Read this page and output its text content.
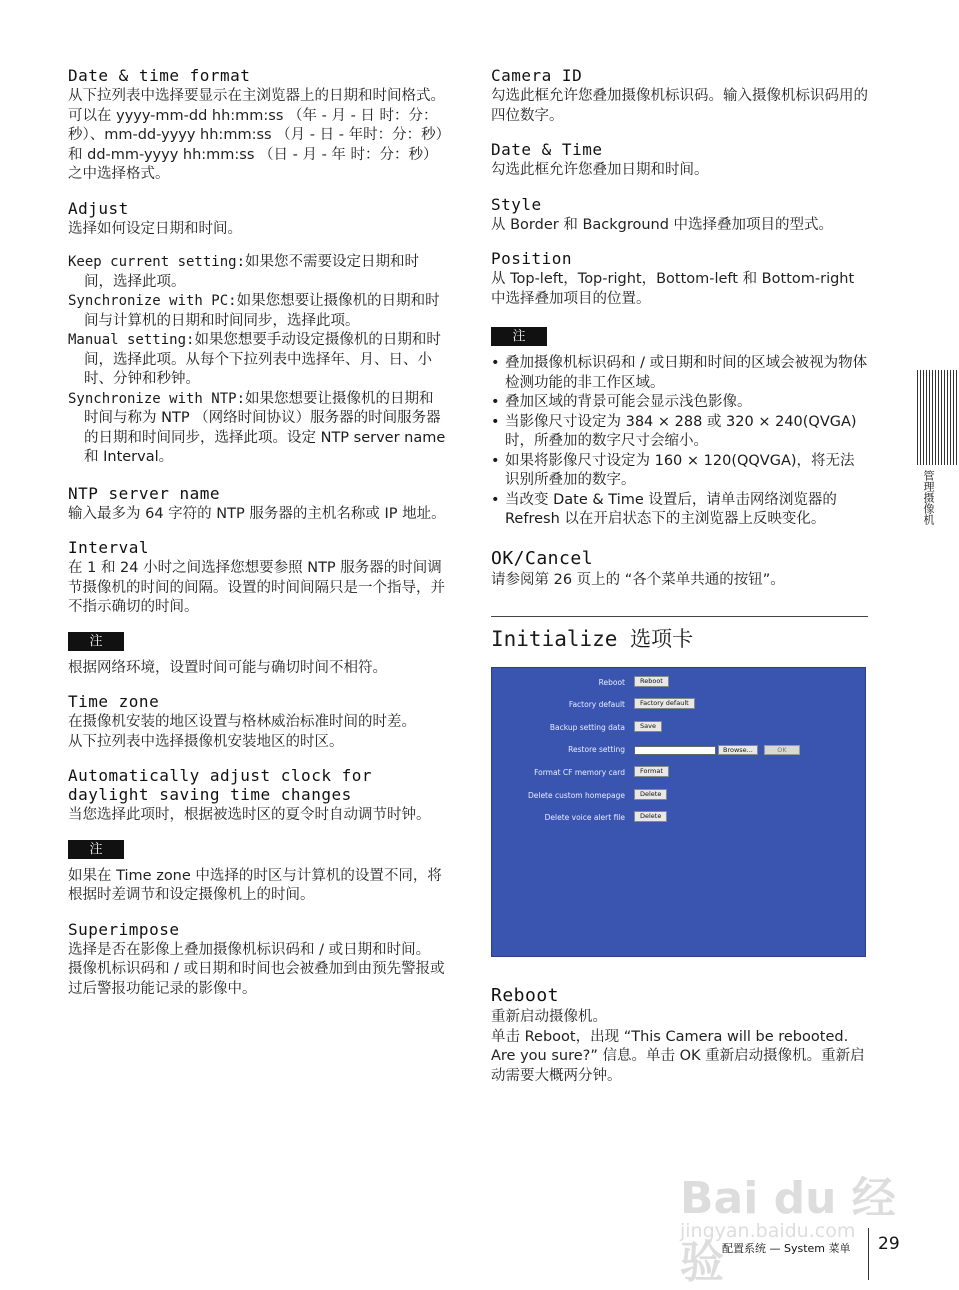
Date & time format
从下拉列表中选择要显示在主浏览器上的日期和时间格式。
可以在 yyyy-mm-dd hh:mm:ss （年 - 月 - 日 时：分：秒）、mm-dd-yyyy hh:mm:ss （月 - 日 - 年时：分：秒）和 dd-mm-yyyy hh:mm:ss （日 - 月 - 年 时：分：秒）之中选择格式。
Adjust
选择如何设定日期和时间。
Keep current setting:如果您不需要设定日期和时间，选择此项。
Synchronize with PC:如果您想要让摄像机的日期和时间与计算机的日期和时间同步，选择此项。
Manual setting:如果您想要手动设定摄像机的日期和时间，选择此项。从每个下拉列表中选择年、月、日、小时、分钟和秒钟。
Synchronize with NTP:如果您想要让摄像机的日期和时间与称为 NTP （网络时间协议）服务器的时间服务器的日期和时间同步，选择此项。设定 NTP server name 和 Interval。
NTP server name
输入最多为 64 字符的 NTP 服务器的主机名称或 IP 地址。
Interval
在 1 和 24 小时之间选择您想要参照 NTP 服务器的时间调节摄像机的时间的间隔。设置的时间间隔只是一个指导，并不指示确切的时间。
注
根据网络环境，设置时间可能与确切时间不相符。
Time zone
在摄像机安装的地区设置与格林威治标准时间的时差。
从下拉列表中选择摄像机安装地区的时区。
Automatically adjust clock for daylight saving time changes
当您选择此项时，根据被选时区的夏令时自动调节时钟。
注
如果在 Time zone 中选择的时区与计算机的设置不同，将根据时差调节和设定摄像机上的时间。
Superimpose
选择是否在影像上叠加摄像机标识码和 / 或日期和时间。
摄像机标识码和 / 或日期和时间也会被叠加到由预先警报或过后警报功能记录的影像中。
Camera ID
勾选此框允许您叠加摄像机标识码。输入摄像机标识码用的四位数字。
Date & Time
勾选此框允许您叠加日期和时间。
Style
从 Border 和 Background 中选择叠加项目的型式。
Position
从 Top-left，Top-right，Bottom-left 和 Bottom-right 中选择叠加项目的位置。
注
• 叠加摄像机标识码和 / 或日期和时间的区域会被视为物体检测功能的非工作区域。
• 叠加区域的背景可能会显示浅色影像。
• 当影像尺寸设定为 384 × 288 或 320 × 240(QVGA) 时，所叠加的数字尺寸会缩小。
• 如果将影像尺寸设定为 160 × 120(QQVGA)，将无法识别所叠加的数字。
• 当改变 Date & Time 设置后，请单击网络浏览器的 Refresh 以在开启状态下的主浏览器上反映变化。
OK/Cancel
请参阅第 26 页上的 “各个菜单共通的按钮”。
Initialize 选项卡
Reboot	Reboot
Factory default	Factory default
Backup setting data	Save
Restore setting	Browse...	OK
Format CF memory card	Format
Delete custom homepage	Delete
Delete voice alert file	Delete
Reboot
重新启动摄像机。
单击 Reboot，出现 “This Camera will be rebooted. Are you sure?” 信息。单击 OK 重新启动摄像机。重新启动需要大概两分钟。
管理摄像机
Bai du 经验
jingyan.baidu.com
配置系统 — System 菜单 29
